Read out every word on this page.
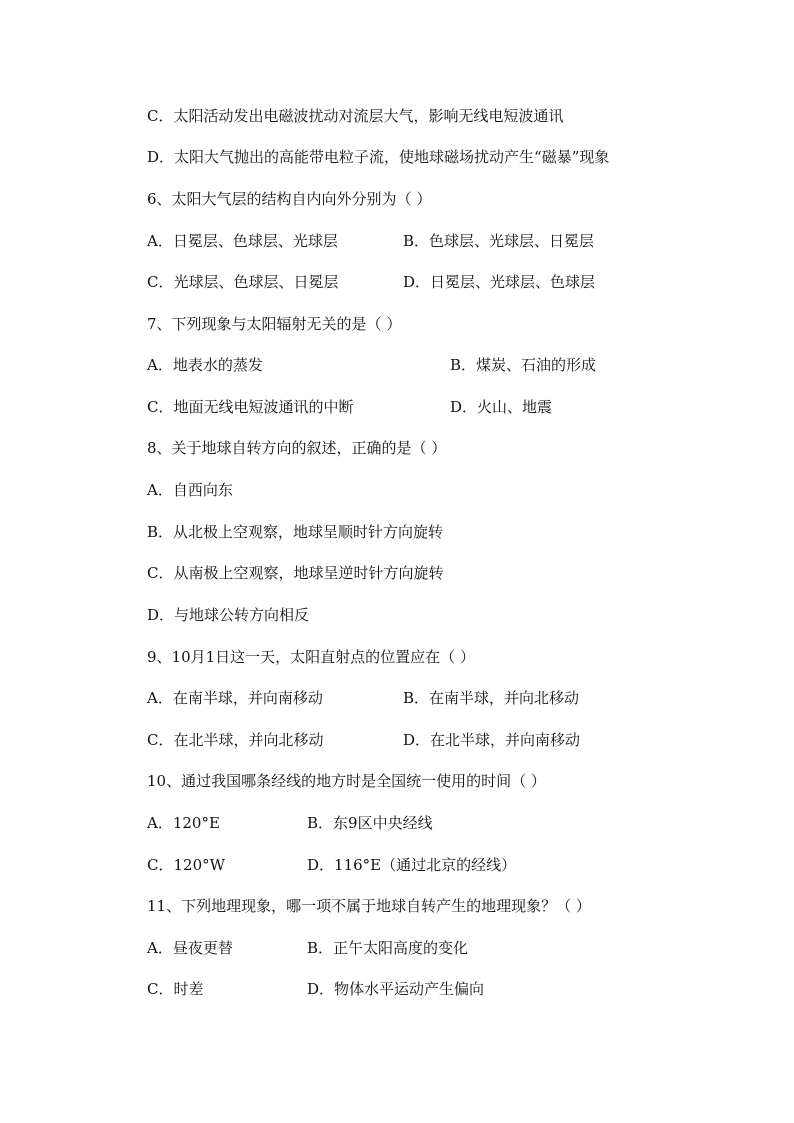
C．太阳活动发出电磁波扰动对流层大气，影响无线电短波通讯
D．太阳大气抛出的高能带电粒子流，使地球磁场扰动产生“磁暴”现象
6、太阳大气层的结构自内向外分别为（ ）
A．日冕层、色球层、光球层	B．色球层、光球层、日冕层
C．光球层、色球层、日冕层	D．日冕层、光球层、色球层
7、下列现象与太阳辐射无关的是（ ）
A．地表水的蒸发	B．煤炭、石油的形成
C．地面无线电短波通讯的中断	D．火山、地震
8、关于地球自转方向的叙述，正确的是（ ）
A．自西向东
B．从北极上空观察，地球呈顺时针方向旋转
C．从南极上空观察，地球呈逆时针方向旋转
D．与地球公转方向相反
9、10月1日这一天，太阳直射点的位置应在（ ）
A．在南半球，并向南移动	B．在南半球，并向北移动
C．在北半球，并向北移动	D．在北半球，并向南移动
10、通过我国哪条经线的地方时是全国统一使用的时间（ ）
A．120°E	B．东9区中央经线
C．120°W	D．116°E（通过北京的经线）
11、下列地理现象，哪一项不属于地球自转产生的地理现象？（ ）
A．昼夜更替	B．正午太阳高度的变化
C．时差	D．物体水平运动产生偏向
